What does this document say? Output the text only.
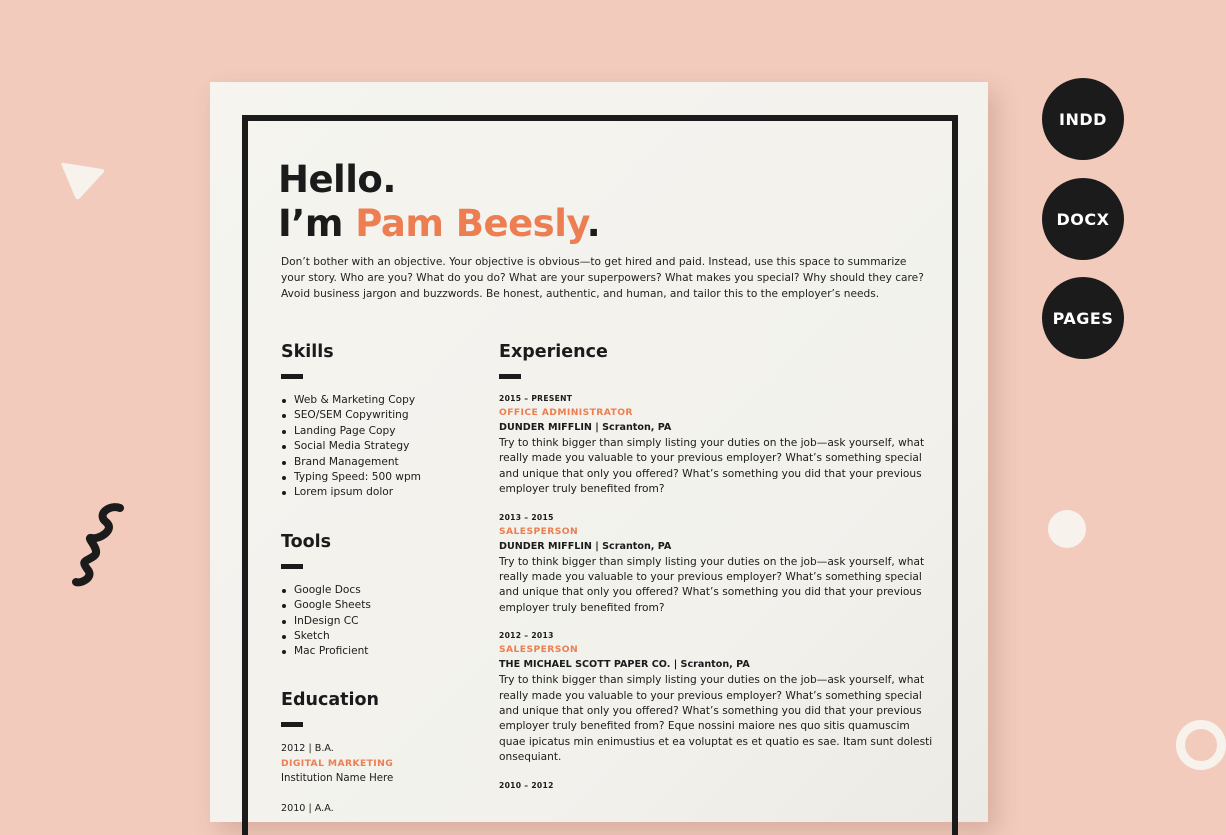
INDD
DOCX
PAGES
Hello.
I’m Pam Beesly.

Don’t bother with an objective. Your objective is obvious—to get hired and paid. Instead, use this space to summarize your story. Who are you? What do you do? What are your superpowers? What makes you special? Why should they care? Avoid business jargon and buzzwords. Be honest, authentic, and human, and tailor this to the employer’s needs.

Skills
Web & Marketing Copy
SEO/SEM Copywriting
Landing Page Copy
Social Media Strategy
Brand Management
Typing Speed: 500 wpm
Lorem ipsum dolor
Tools
Google Docs
Google Sheets
InDesign CC
Sketch
Mac Proficient
Education
2012 | B.A.
DIGITAL MARKETING
Institution Name Here
2010 | A.A.
Experience
2015 – PRESENT
OFFICE ADMINISTRATOR
DUNDER MIFFLIN | Scranton, PA
Try to think bigger than simply listing your duties on the job—ask yourself, what really made you valuable to your previous employer? What’s something special and unique that only you offered? What’s something you did that your previous employer truly benefited from?
2013 – 2015
SALESPERSON
DUNDER MIFFLIN | Scranton, PA
Try to think bigger than simply listing your duties on the job—ask yourself, what really made you valuable to your previous employer? What’s something special and unique that only you offered? What’s something you did that your previous employer truly benefited from?
2012 – 2013
SALESPERSON
THE MICHAEL SCOTT PAPER CO. | Scranton, PA
Try to think bigger than simply listing your duties on the job—ask yourself, what really made you valuable to your previous employer? What’s something special and unique that only you offered? What’s something you did that your previous employer truly benefited from? Eque nossini maiore nes quo sitis quamuscim quae ipicatus min enimustius et ea voluptat es et quatio es sae. Itam sunt dolesti onsequiant.
2010 – 2012
